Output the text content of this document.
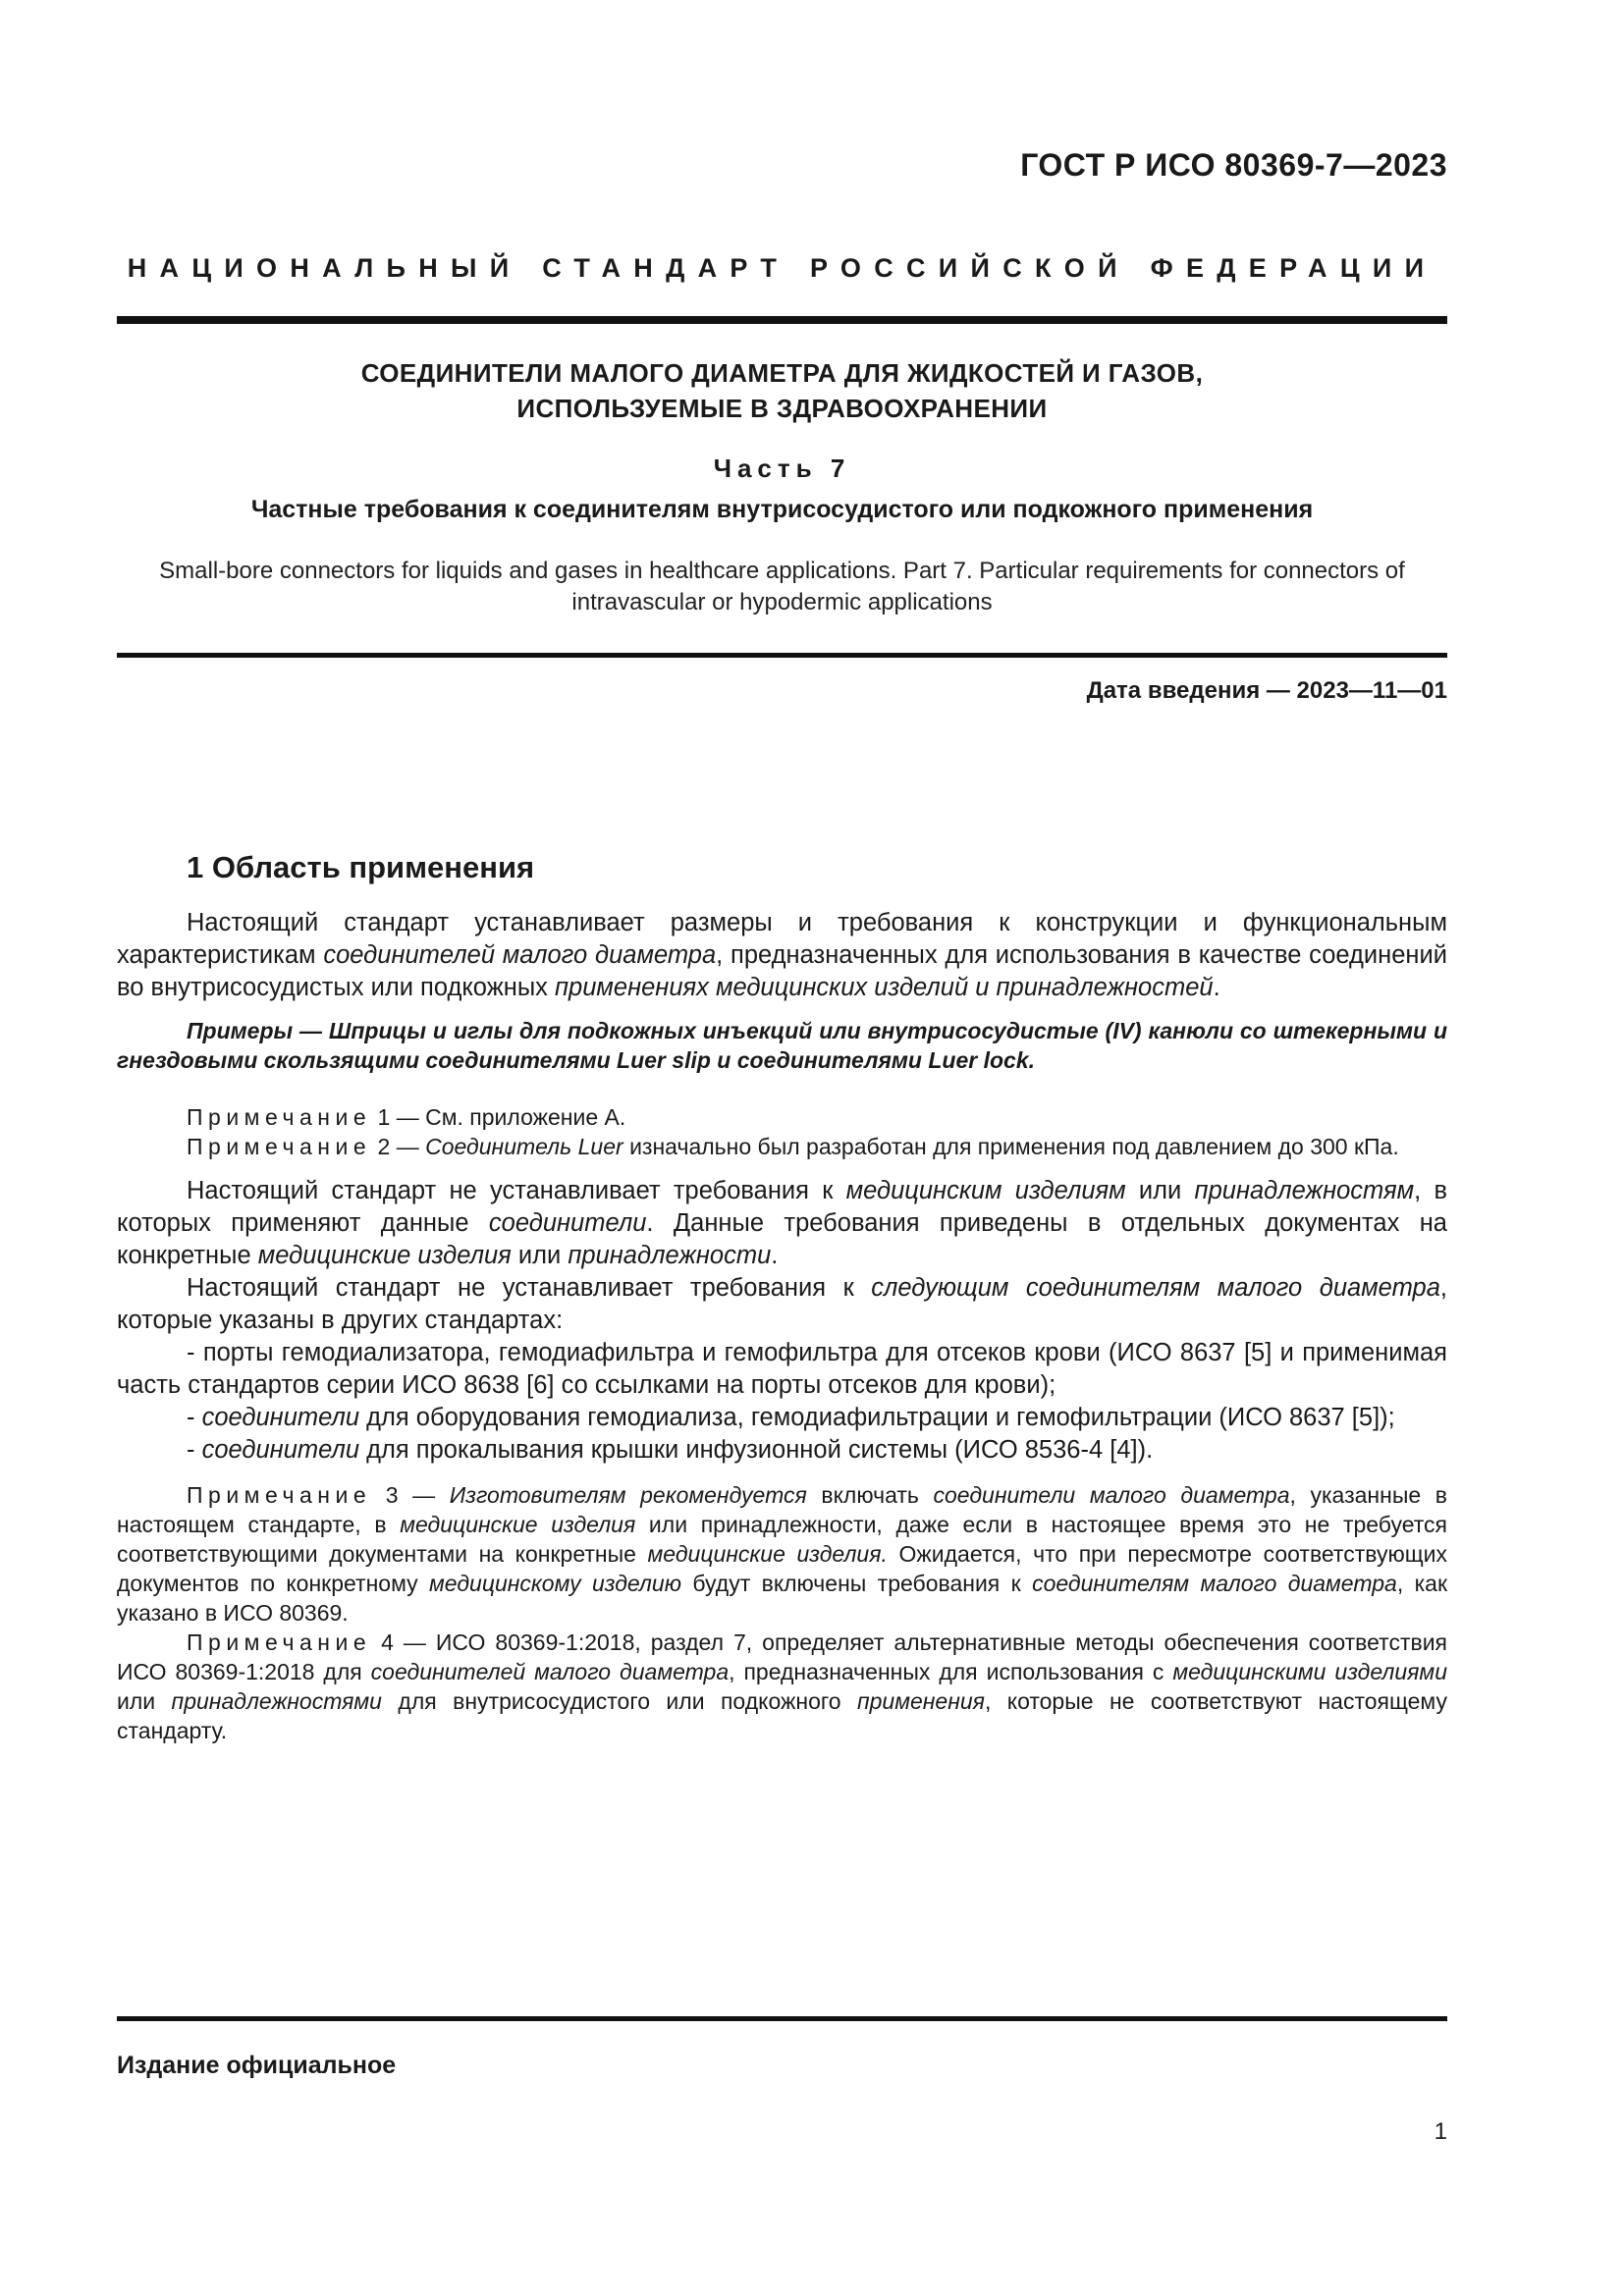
ГОСТ Р ИСО 80369-7—2023
НАЦИОНАЛЬНЫЙ СТАНДАРТ РОССИЙСКОЙ ФЕДЕРАЦИИ
СОЕДИНИТЕЛИ МАЛОГО ДИАМЕТРА ДЛЯ ЖИДКОСТЕЙ И ГАЗОВ,
ИСПОЛЬЗУЕМЫЕ В ЗДРАВООХРАНЕНИИ
Часть 7
Частные требования к соединителям внутрисосудистого или подкожного применения
Small-bore connectors for liquids and gases in healthcare applications. Part 7. Particular requirements for connectors of intravascular or hypodermic applications
Дата введения — 2023—11—01
1 Область применения

Настоящий стандарт устанавливает размеры и требования к конструкции и функциональным характеристикам соединителей малого диаметра, предназначенных для использования в качестве соединений во внутрисосудистых или подкожных применениях медицинских изделий и принадлежностей.

Примеры — Шприцы и иглы для подкожных инъекций или внутрисосудистые (IV) канюли со штекерными и гнездовыми скользящими соединителями Luer slip и соединителями Luer lock.

Примечание 1 — См. приложение А.

Примечание 2 — Соединитель Luer изначально был разработан для применения под давлением до 300 кПа.

Настоящий стандарт не устанавливает требования к медицинским изделиям или принадлежностям, в которых применяют данные соединители. Данные требования приведены в отдельных документах на конкретные медицинские изделия или принадлежности.

Настоящий стандарт не устанавливает требования к следующим соединителям малого диаметра, которые указаны в других стандартах:

- порты гемодиализатора, гемодиафильтра и гемофильтра для отсеков крови (ИСО 8637 [5] и применимая часть стандартов серии ИСО 8638 [6] со ссылками на порты отсеков для крови);

- соединители для оборудования гемодиализа, гемодиафильтрации и гемофильтрации (ИСО 8637 [5]);

- соединители для прокалывания крышки инфузионной системы (ИСО 8536-4 [4]).

Примечание 3 — Изготовителям рекомендуется включать соединители малого диаметра, указанные в настоящем стандарте, в медицинские изделия или принадлежности, даже если в настоящее время это не требуется соответствующими документами на конкретные медицинские изделия. Ожидается, что при пересмотре соответствующих документов по конкретному медицинскому изделию будут включены требования к соединителям малого диаметра, как указано в ИСО 80369.

Примечание 4 — ИСО 80369-1:2018, раздел 7, определяет альтернативные методы обеспечения соответствия ИСО 80369-1:2018 для соединителей малого диаметра, предназначенных для использования с медицинскими изделиями или принадлежностями для внутрисосудистого или подкожного применения, которые не соответствуют настоящему стандарту.

Издание официальное
1
